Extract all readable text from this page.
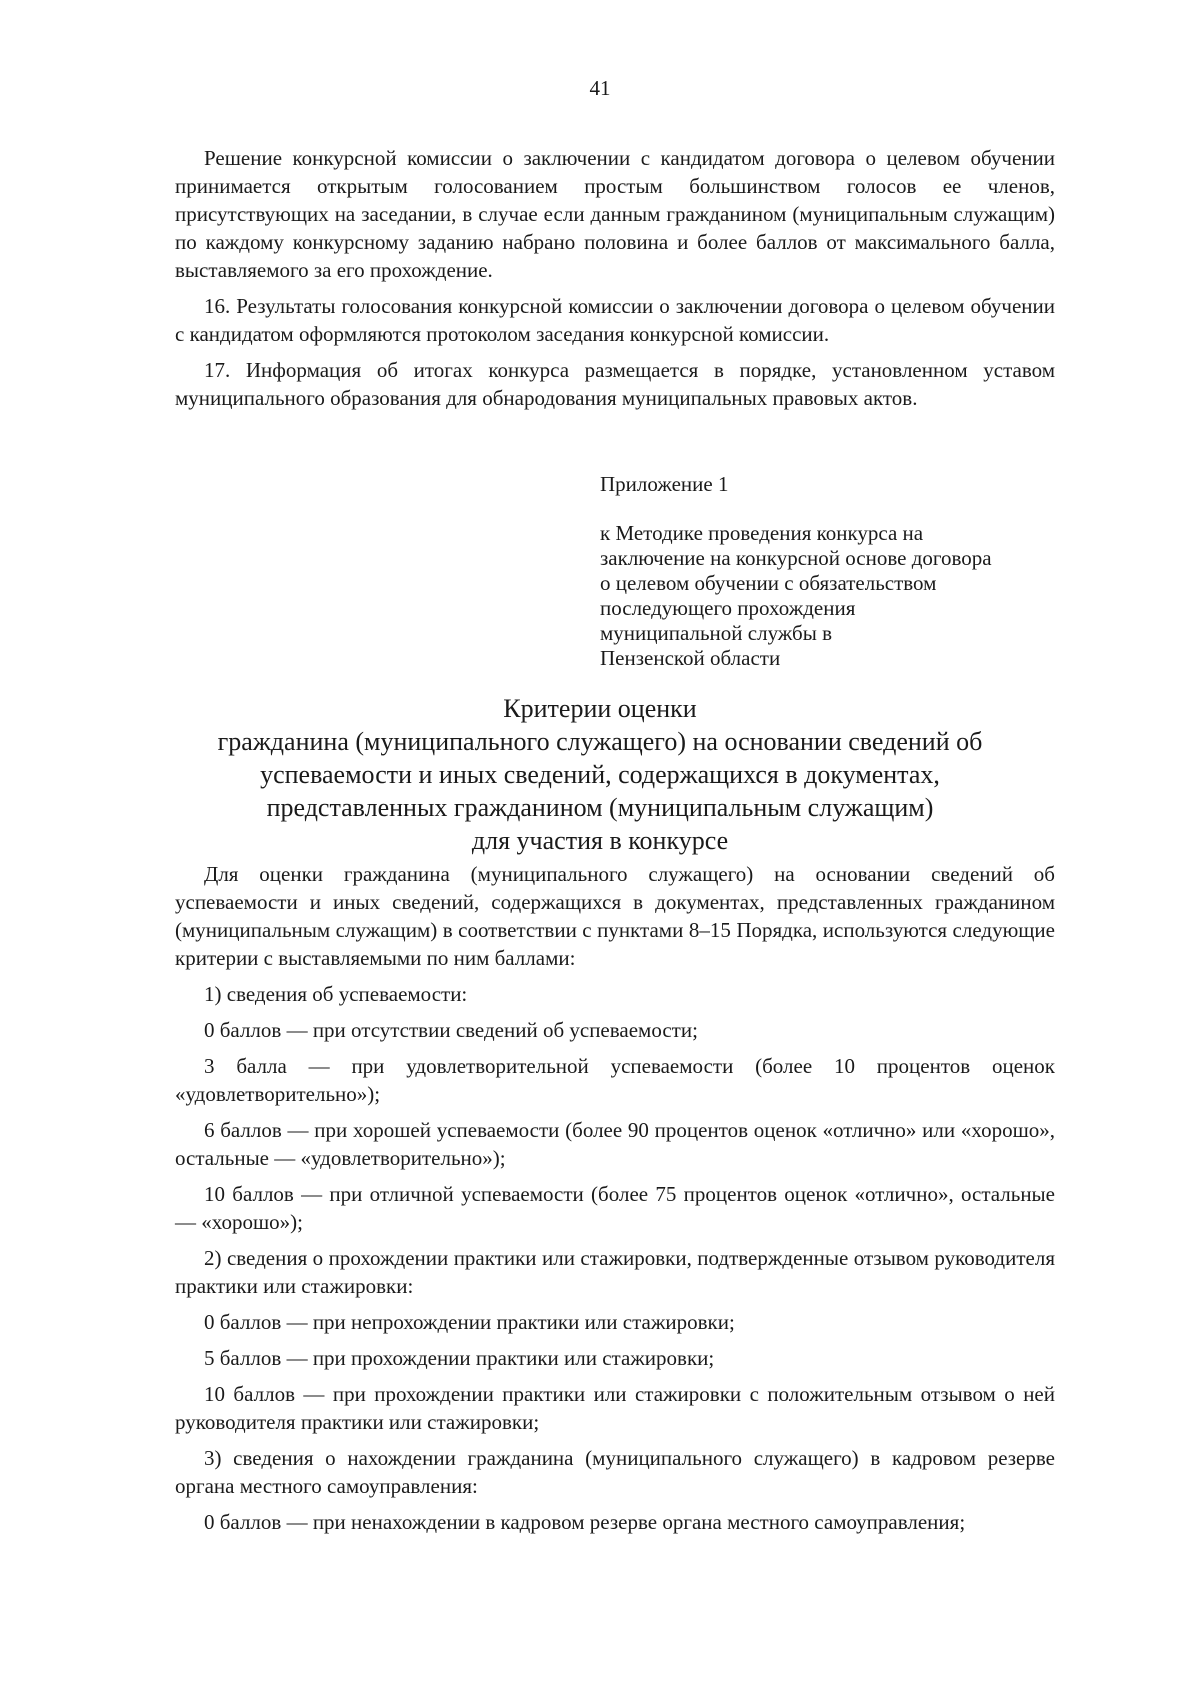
41

Решение конкурсной комиссии о заключении с кандидатом договора о целевом обучении принимается открытым голосованием простым большинством голосов ее членов, присутствующих на заседании, в случае если данным гражданином (муниципальным служащим) по каждому конкурсному заданию набрано половина и более баллов от максимального балла, выставляемого за его прохождение.

16. Результаты голосования конкурсной комиссии о заключении договора о целевом обучении с кандидатом оформляются протоколом заседания конкурсной комиссии.

17. Информация об итогах конкурса размещается в порядке, установленном уставом муниципального образования для обнародования муниципальных правовых актов.

Приложение 1
к Методике проведения конкурса на
заключение на конкурсной основе договора
о целевом обучении с обязательством
последующего прохождения
муниципальной службы в
Пензенской области
Критерии оценки
гражданина (муниципального служащего) на основании сведений об
успеваемости и иных сведений, содержащихся в документах,
представленных гражданином (муниципальным служащим)
для участия в конкурсе

Для оценки гражданина (муниципального служащего) на основании сведений об успеваемости и иных сведений, содержащихся в документах, представленных гражданином (муниципальным служащим) в соответствии с пунктами 8–15 Порядка, используются следующие критерии с выставляемыми по ним баллами:

1) сведения об успеваемости:

0 баллов — при отсутствии сведений об успеваемости;

3 балла — при удовлетворительной успеваемости (более 10 процентов оценок «удовлетворительно»);

6 баллов — при хорошей успеваемости (более 90 процентов оценок «отлично» или «хорошо», остальные — «удовлетворительно»);

10 баллов — при отличной успеваемости (более 75 процентов оценок «отлично», остальные — «хорошо»);

2) сведения о прохождении практики или стажировки, подтвержденные отзывом руководителя практики или стажировки:

0 баллов — при непрохождении практики или стажировки;

5 баллов — при прохождении практики или стажировки;

10 баллов — при прохождении практики или стажировки с положительным отзывом о ней руководителя практики или стажировки;

3) сведения о нахождении гражданина (муниципального служащего) в кадровом резерве органа местного самоуправления:

0 баллов — при ненахождении в кадровом резерве органа местного самоуправления;
